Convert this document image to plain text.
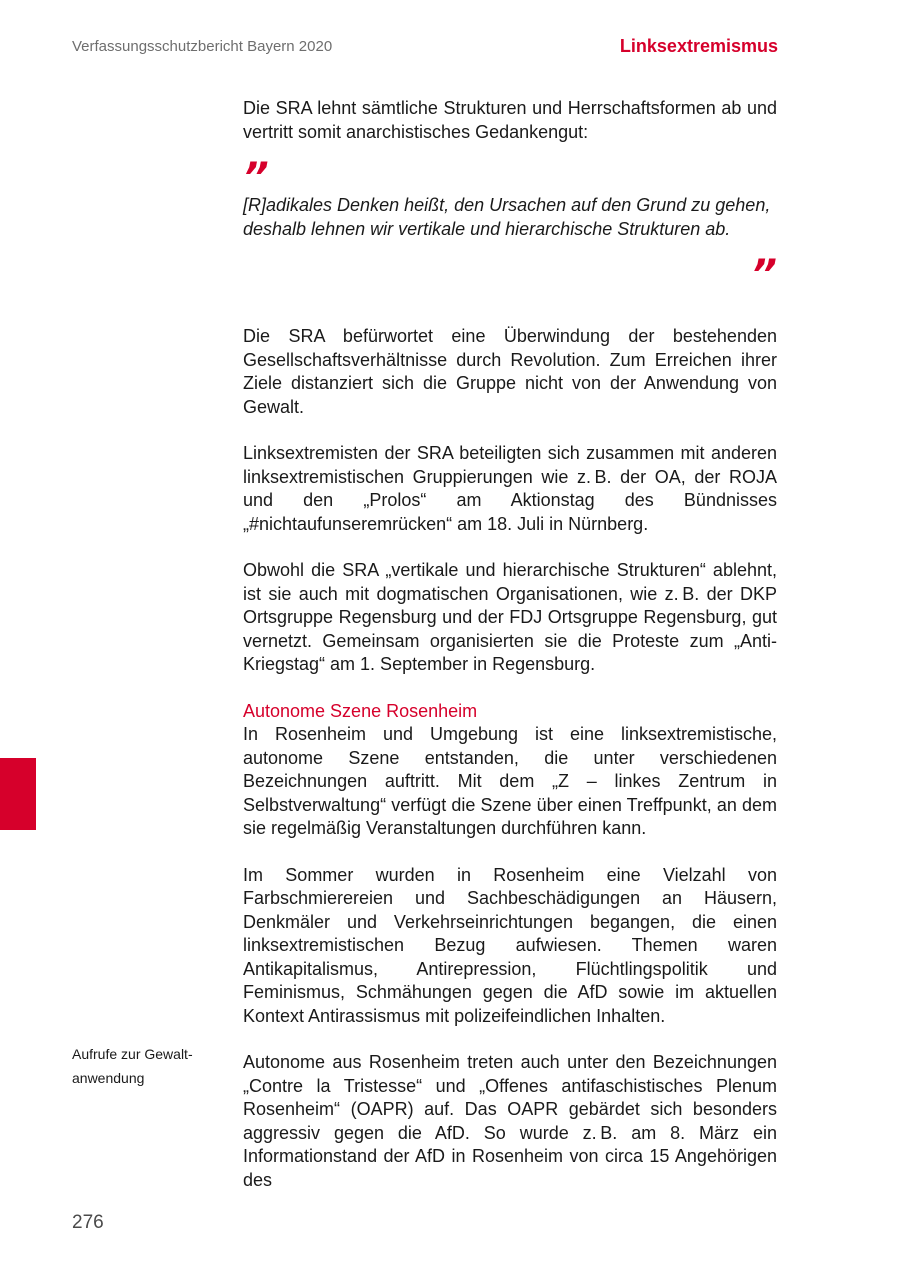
Verfassungsschutzbericht Bayern 2020	Linksextremismus

Die SRA lehnt sämtliche Strukturen und Herrschaftsformen ab und vertritt somit anarchistisches Gedankengut:

”

[R]adikales Denken heißt, den Ursachen auf den Grund zu gehen, deshalb lehnen wir vertikale und hierarchische Strukturen ab.

”

Die SRA befürwortet eine Überwindung der bestehenden Gesellschaftsverhältnisse durch Revolution. Zum Erreichen ihrer Ziele distanziert sich die Gruppe nicht von der Anwendung von Gewalt.

Linksextremisten der SRA beteiligten sich zusammen mit anderen linksextremistischen Gruppierungen wie z. B. der OA, der ROJA und den „Prolos“ am Aktionstag des Bündnisses „#nichtaufunseremrücken“ am 18. Juli in Nürnberg.

Obwohl die SRA „vertikale und hierarchische Strukturen“ ablehnt, ist sie auch mit dogmatischen Organisationen, wie z. B. der DKP Ortsgruppe Regensburg und der FDJ Ortsgruppe Regensburg, gut vernetzt. Gemeinsam organisierten sie die Proteste zum „Anti-Kriegstag“ am 1. September in Regensburg.

Autonome Szene Rosenheim

In Rosenheim und Umgebung ist eine linksextremistische, autonome Szene entstanden, die unter verschiedenen Bezeichnungen auftritt. Mit dem „Z – linkes Zentrum in Selbstverwaltung“ verfügt die Szene über einen Treffpunkt, an dem sie regelmäßig Veranstaltungen durchführen kann.

Im Sommer wurden in Rosenheim eine Vielzahl von Farbschmierereien und Sachbeschädigungen an Häusern, Denkmäler und Verkehrseinrichtungen begangen, die einen linksextremistischen Bezug aufwiesen. Themen waren Antikapitalismus, Antirepression, Flüchtlingspolitik und Feminismus, Schmähungen gegen die AfD sowie im aktuellen Kontext Antirassismus mit polizeifeindlichen Inhalten.

Autonome aus Rosenheim treten auch unter den Bezeichnungen „Contre la Tristesse“ und „Offenes antifaschistisches Plenum Rosenheim“ (OAPR) auf. Das OAPR gebärdet sich besonders aggressiv gegen die AfD. So wurde z. B. am 8. März ein Informationstand der AfD in Rosenheim von circa 15 Angehörigen des

Aufrufe zur Gewaltanwendung
276
